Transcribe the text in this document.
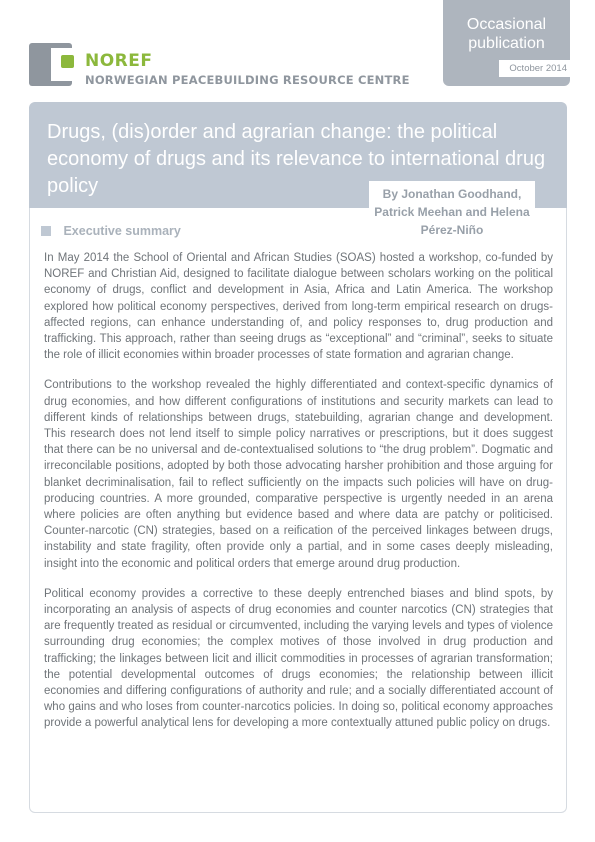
NOREF
NORWEGIAN PEACEBUILDING RESOURCE CENTRE
Occasional publication
October 2014
Drugs, (dis)order and agrarian change: the political economy of drugs and its relevance to international drug policy	By Jonathan Goodhand, Patrick Meehan and Helena Pérez-Niño
Executive summary

In May 2014 the School of Oriental and African Studies (SOAS) hosted a workshop, co-funded by NOREF and Christian Aid, designed to facilitate dialogue between scholars working on the political economy of drugs, conflict and development in Asia, Africa and Latin America. The workshop explored how political economy perspectives, derived from long-term empirical research on drugs-affected regions, can enhance understanding of, and policy responses to, drug production and trafficking. This approach, rather than seeing drugs as “exceptional” and “criminal”, seeks to situate the role of illicit economies within broader processes of state formation and agrarian change.

Contributions to the workshop revealed the highly differentiated and context-specific dynamics of drug economies, and how different configurations of institutions and security markets can lead to different kinds of relationships between drugs, statebuilding, agrarian change and development. This research does not lend itself to simple policy narratives or prescriptions, but it does suggest that there can be no universal and de-contextualised solutions to “the drug problem”. Dogmatic and irreconcilable positions, adopted by both those advocating harsher prohibition and those arguing for blanket decriminalisation, fail to reflect sufficiently on the impacts such policies will have on drug-producing countries. A more grounded, comparative perspective is urgently needed in an arena where policies are often anything but evidence based and where data are patchy or politicised. Counter-narcotic (CN) strategies, based on a reification of the perceived linkages between drugs, instability and state fragility, often provide only a partial, and in some cases deeply misleading, insight into the economic and political orders that emerge around drug production.

Political economy provides a corrective to these deeply entrenched biases and blind spots, by incorporating an analysis of aspects of drug economies and counter narcotics (CN) strategies that are frequently treated as residual or circumvented, including the varying levels and types of violence surrounding drug economies; the complex motives of those involved in drug production and trafficking; the linkages between licit and illicit commodities in processes of agrarian transformation; the potential developmental outcomes of drugs economies; the relationship between illicit economies and differing configurations of authority and rule; and a socially differentiated account of who gains and who loses from counter-narcotics policies. In doing so, political economy approaches provide a powerful analytical lens for developing a more contextually attuned public policy on drugs.
